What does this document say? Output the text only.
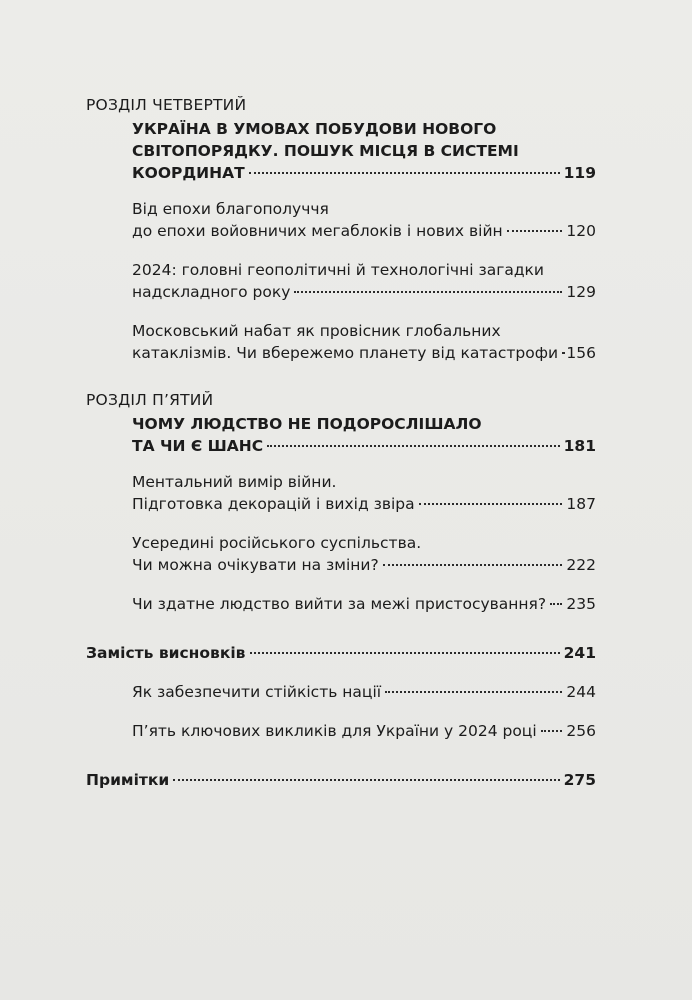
РОЗДІЛ ЧЕТВЕРТИЙ
УКРАЇНА В УМОВАХ ПОБУДОВИ НОВОГО
СВІТОПОРЯДКУ. ПОШУК МІСЦЯ В СИСТЕМІ
КООРДИНАТ	119
Від епохи благополуччя
до епохи войовничих мегаблоків і нових війн	120
2024: головні геополітичні й технологічні загадки
надскладного року	129
Московський набат як провісник глобальних
катаклізмів. Чи вбережемо планету від катастрофи 156
РОЗДІЛ П’ЯТИЙ
ЧОМУ ЛЮДСТВО НЕ ПОДОРОСЛІШАЛО
ТА ЧИ Є ШАНС	181
Ментальний вимір війни.
Підготовка декорацій і вихід звіра	187
Усередині російського суспільства.
Чи можна очікувати на зміни?	222
Чи здатне людство вийти за межі пристосування? 235
Замість висновків	241
Як забезпечити стійкість нації	244
П’ять ключових викликів для України у 2024 році 256
Примітки	275
